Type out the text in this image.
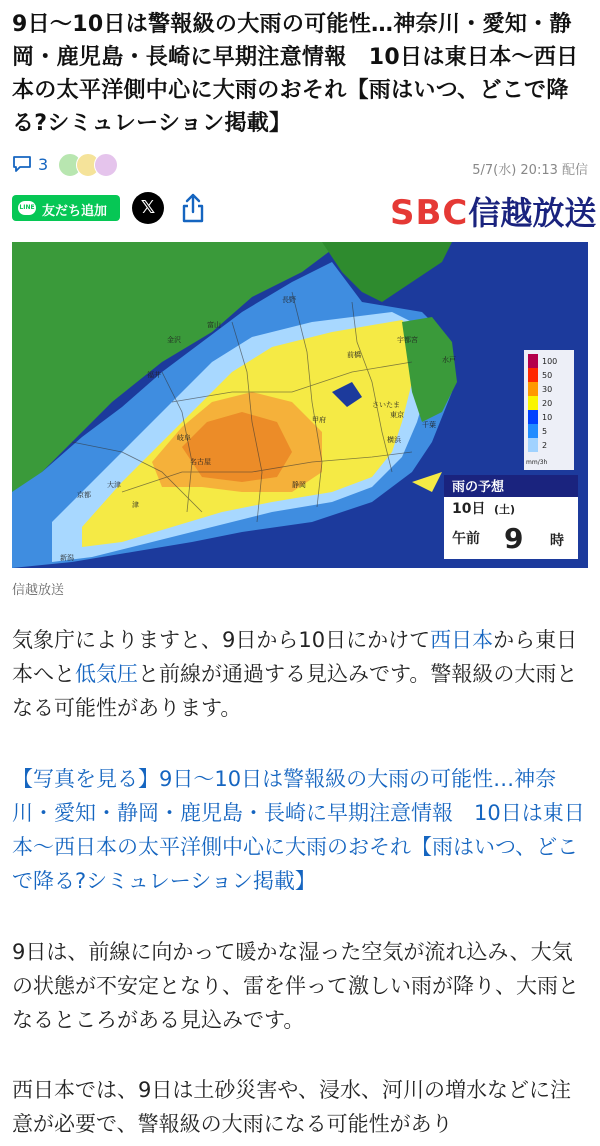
9日〜10日は警報級の大雨の可能性…神奈川・愛知・静岡・鹿児島・長崎に早期注意情報　10日は東日本〜西日本の太平洋側中心に大雨のおそれ【雨はいつ、どこで降る?シミュレーション掲載】
3	5/7(水) 20:13 配信
LINE 友だち追加	𝕏	SBC信越放送
新潟
長野
金沢
富山
福井
岐阜
名古屋
静岡
甲府
前橋
宇都宮
水戸
さいたま
東京
千葉
横浜
津
大津
京都
100
50
30
20
10
5
2
mm/3h
雨の予想
10日 (土)
午前 9 時
信越放送

気象庁によりますと、9日から10日にかけて西日本から東日本へと低気圧と前線が通過する見込みです。警報級の大雨となる可能性があります。

【写真を見る】9日〜10日は警報級の大雨の可能性…神奈川・愛知・静岡・鹿児島・長崎に早期注意情報　10日は東日本〜西日本の太平洋側中心に大雨のおそれ【雨はいつ、どこで降る?シミュレーション掲載】

9日は、前線に向かって暖かな湿った空気が流れ込み、大気の状態が不安定となり、雷を伴って激しい雨が降り、大雨となるところがある見込みです。

西日本では、9日は土砂災害や、浸水、河川の増水などに注意が必要で、警報級の大雨になる可能性があり
